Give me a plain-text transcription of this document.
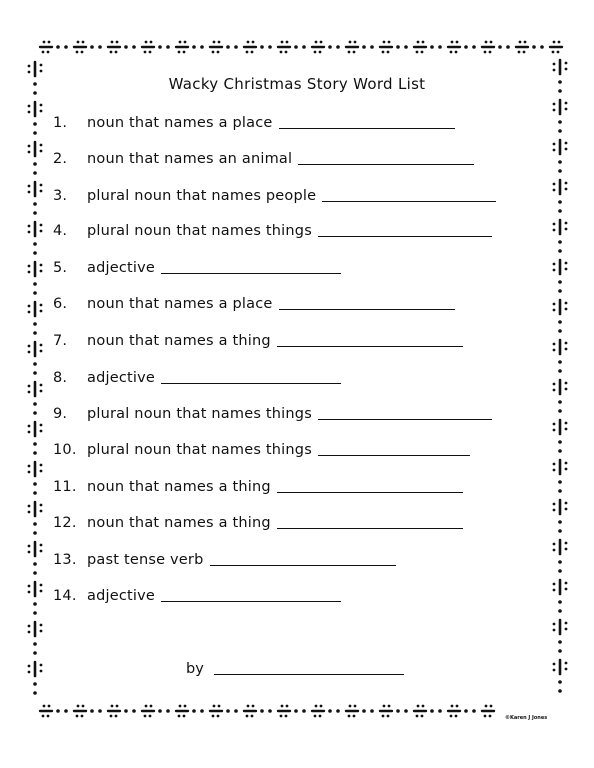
Wacky Christmas Story Word List
1. noun that names a place
2. noun that names an animal
3. plural noun that names people
4. plural noun that names things
5. adjective
6. noun that names a place
7. noun that names a thing
8. adjective
9. plural noun that names things
10. plural noun that names things
11. noun that names a thing
12. noun that names a thing
13. past tense verb
14. adjective
by
©Karen J Jones
